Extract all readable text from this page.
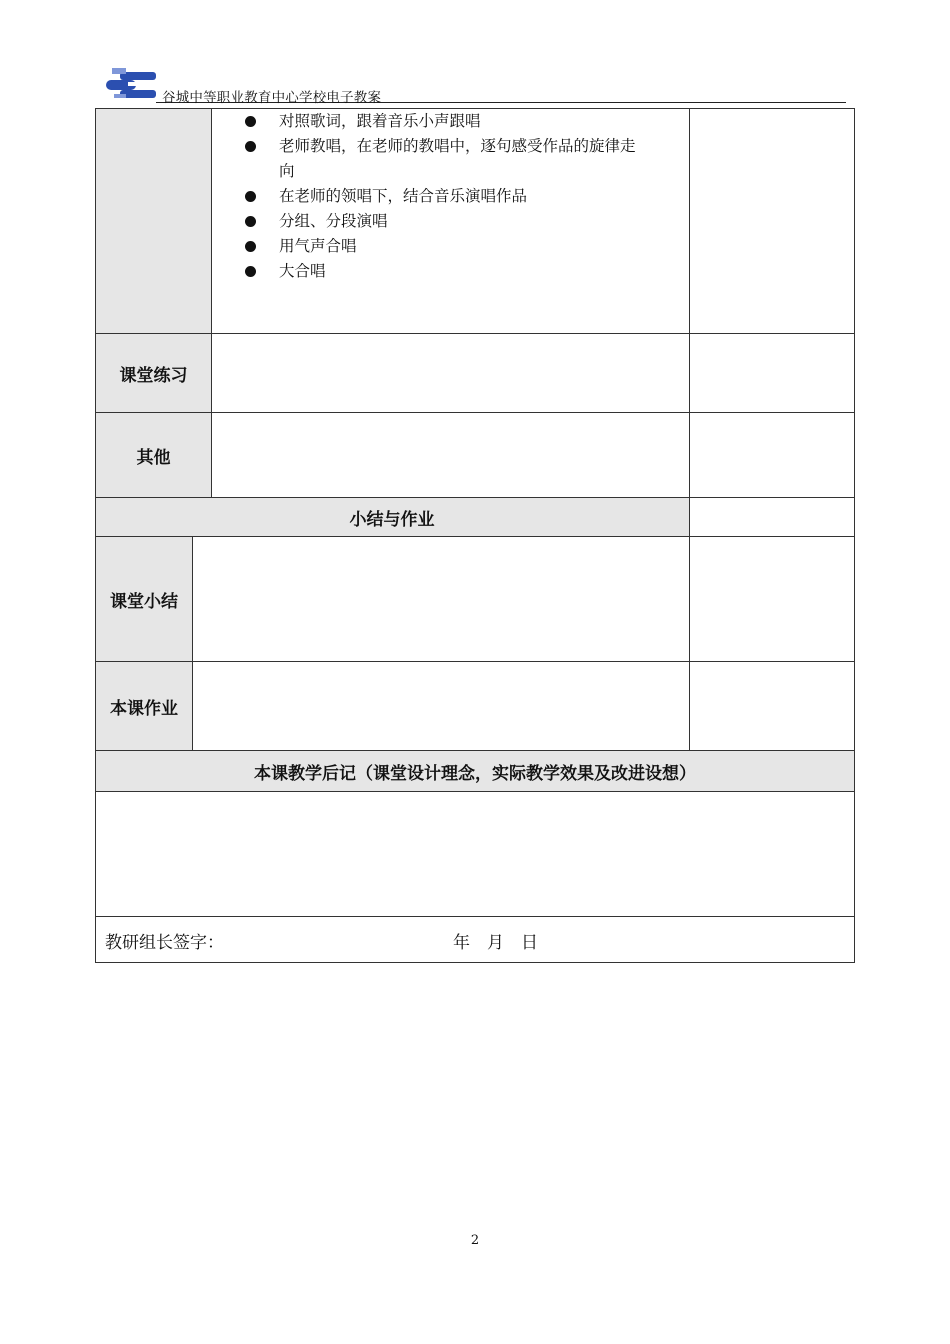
谷城中等职业教育中心学校电子教案
对照歌词，跟着音乐小声跟唱
老师教唱，在老师的教唱中，逐句感受作品的旋律走向
在老师的领唱下，结合音乐演唱作品
分组、分段演唱
用气声合唱
大合唱
课堂练习
其他
小结与作业
课堂小结
本课作业
本课教学后记（课堂设计理念，实际教学效果及改进设想）
教研组长签字：	年　月　日
2
